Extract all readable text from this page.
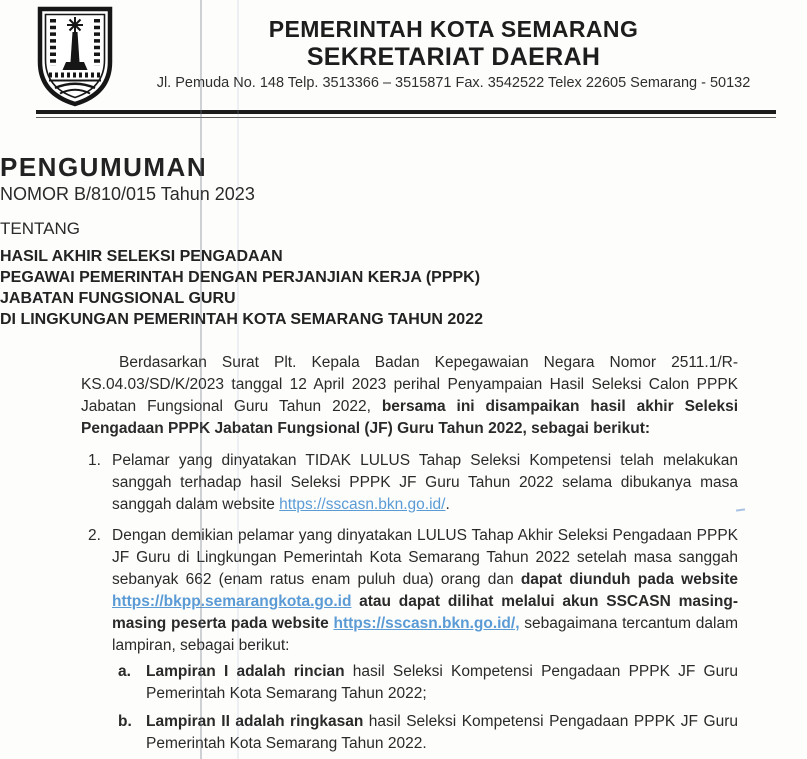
PEMERINTAH KOTA SEMARANG
SEKRETARIAT DAERAH
Jl. Pemuda No. 148 Telp. 3513366 – 3515871 Fax. 3542522 Telex 22605 Semarang - 50132
PENGUMUMAN
NOMOR B/810/015 Tahun 2023
TENTANG
HASIL AKHIR SELEKSI PENGADAAN
PEGAWAI PEMERINTAH DENGAN PERJANJIAN KERJA (PPPK)
JABATAN FUNGSIONAL GURU
DI LINGKUNGAN PEMERINTAH KOTA SEMARANG TAHUN 2022

Berdasarkan Surat Plt. Kepala Badan Kepegawaian Negara Nomor 2511.1/R-KS.04.03/SD/K/2023 tanggal 12 April 2023 perihal Penyampaian Hasil Seleksi Calon PPPK Jabatan Fungsional Guru Tahun 2022, bersama ini disampaikan hasil akhir Seleksi Pengadaan PPPK Jabatan Fungsional (JF) Guru Tahun 2022, sebagai berikut:

1. Pelamar yang dinyatakan TIDAK LULUS Tahap Seleksi Kompetensi telah melakukan sanggah terhadap hasil Seleksi PPPK JF Guru Tahun 2022 selama dibukanya masa sanggah dalam website https://sscasn.bkn.go.id/.
2. Dengan demikian pelamar yang dinyatakan LULUS Tahap Akhir Seleksi Pengadaan PPPK JF Guru di Lingkungan Pemerintah Kota Semarang Tahun 2022 setelah masa sanggah sebanyak 662 (enam ratus enam puluh dua) orang dan dapat diunduh pada website https://bkpp.semarangkota.go.id atau dapat dilihat melalui akun SSCASN masing-masing peserta pada website https://sscasn.bkn.go.id/, sebagaimana tercantum dalam lampiran, sebagai berikut:
a. Lampiran I adalah rincian hasil Seleksi Kompetensi Pengadaan PPPK JF Guru Pemerintah Kota Semarang Tahun 2022;
b. Lampiran II adalah ringkasan hasil Seleksi Kompetensi Pengadaan PPPK JF Guru Pemerintah Kota Semarang Tahun 2022.
